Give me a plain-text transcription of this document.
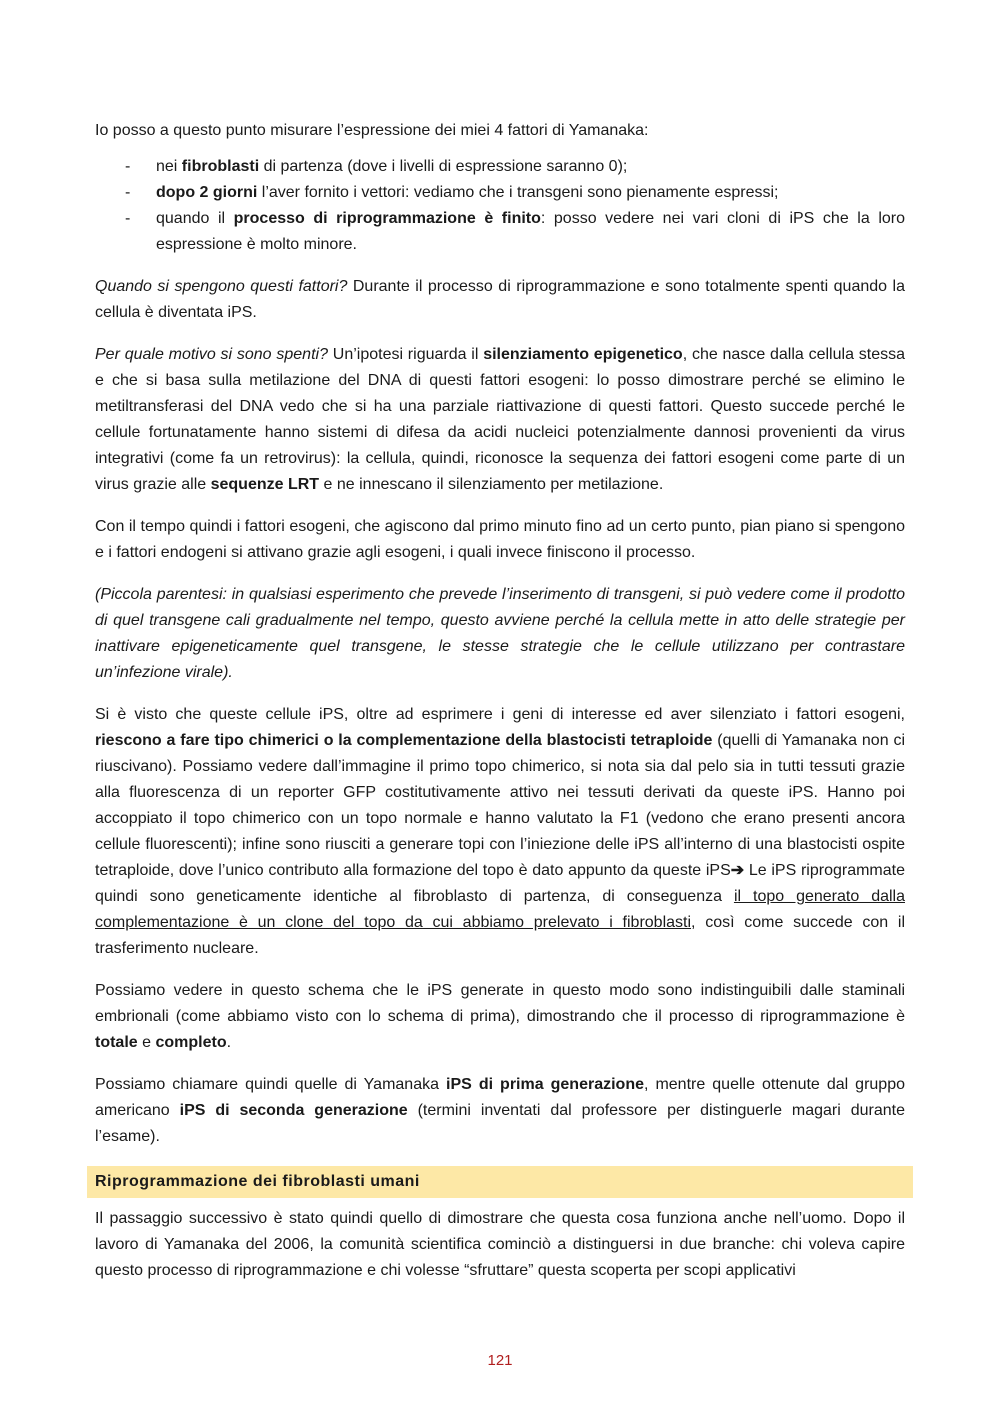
Io posso a questo punto misurare l’espressione dei miei 4 fattori di Yamanaka:

- nei fibroblasti di partenza (dove i livelli di espressione saranno 0);
- dopo 2 giorni l’aver fornito i vettori: vediamo che i transgeni sono pienamente espressi;
- quando il processo di riprogrammazione è finito: posso vedere nei vari cloni di iPS che la loro espressione è molto minore.

Quando si spengono questi fattori? Durante il processo di riprogrammazione e sono totalmente spenti quando la cellula è diventata iPS.

Per quale motivo si sono spenti? Un’ipotesi riguarda il silenziamento epigenetico, che nasce dalla cellula stessa e che si basa sulla metilazione del DNA di questi fattori esogeni: lo posso dimostrare perché se elimino le metiltransferasi del DNA vedo che si ha una parziale riattivazione di questi fattori. Questo succede perché le cellule fortunatamente hanno sistemi di difesa da acidi nucleici potenzialmente dannosi provenienti da virus integrativi (come fa un retrovirus): la cellula, quindi, riconosce la sequenza dei fattori esogeni come parte di un virus grazie alle sequenze LRT e ne innescano il silenziamento per metilazione.

Con il tempo quindi i fattori esogeni, che agiscono dal primo minuto fino ad un certo punto, pian piano si spengono e i fattori endogeni si attivano grazie agli esogeni, i quali invece finiscono il processo.

(Piccola parentesi: in qualsiasi esperimento che prevede l’inserimento di transgeni, si può vedere come il prodotto di quel transgene cali gradualmente nel tempo, questo avviene perché la cellula mette in atto delle strategie per inattivare epigeneticamente quel transgene, le stesse strategie che le cellule utilizzano per contrastare un’infezione virale).

Si è visto che queste cellule iPS, oltre ad esprimere i geni di interesse ed aver silenziato i fattori esogeni, riescono a fare tipo chimerici o la complementazione della blastocisti tetraploide (quelli di Yamanaka non ci riuscivano). Possiamo vedere dall’immagine il primo topo chimerico, si nota sia dal pelo sia in tutti tessuti grazie alla fluorescenza di un reporter GFP costitutivamente attivo nei tessuti derivati da queste iPS. Hanno poi accoppiato il topo chimerico con un topo normale e hanno valutato la F1 (vedono che erano presenti ancora cellule fluorescenti); infine sono riusciti a generare topi con l’iniezione delle iPS all’interno di una blastocisti ospite tetraploide, dove l’unico contributo alla formazione del topo è dato appunto da queste iPS➔ Le iPS riprogrammate quindi sono geneticamente identiche al fibroblasto di partenza, di conseguenza il topo generato dalla complementazione è un clone del topo da cui abbiamo prelevato i fibroblasti, così come succede con il trasferimento nucleare.

Possiamo vedere in questo schema che le iPS generate in questo modo sono indistinguibili dalle staminali embrionali (come abbiamo visto con lo schema di prima), dimostrando che il processo di riprogrammazione è totale e completo.

Possiamo chiamare quindi quelle di Yamanaka iPS di prima generazione, mentre quelle ottenute dal gruppo americano iPS di seconda generazione (termini inventati dal professore per distinguerle magari durante l’esame).

Riprogrammazione dei fibroblasti umani

Il passaggio successivo è stato quindi quello di dimostrare che questa cosa funziona anche nell’uomo. Dopo il lavoro di Yamanaka del 2006, la comunità scientifica cominciò a distinguersi in due branche: chi voleva capire questo processo di riprogrammazione e chi volesse “sfruttare” questa scoperta per scopi applicativi

121
